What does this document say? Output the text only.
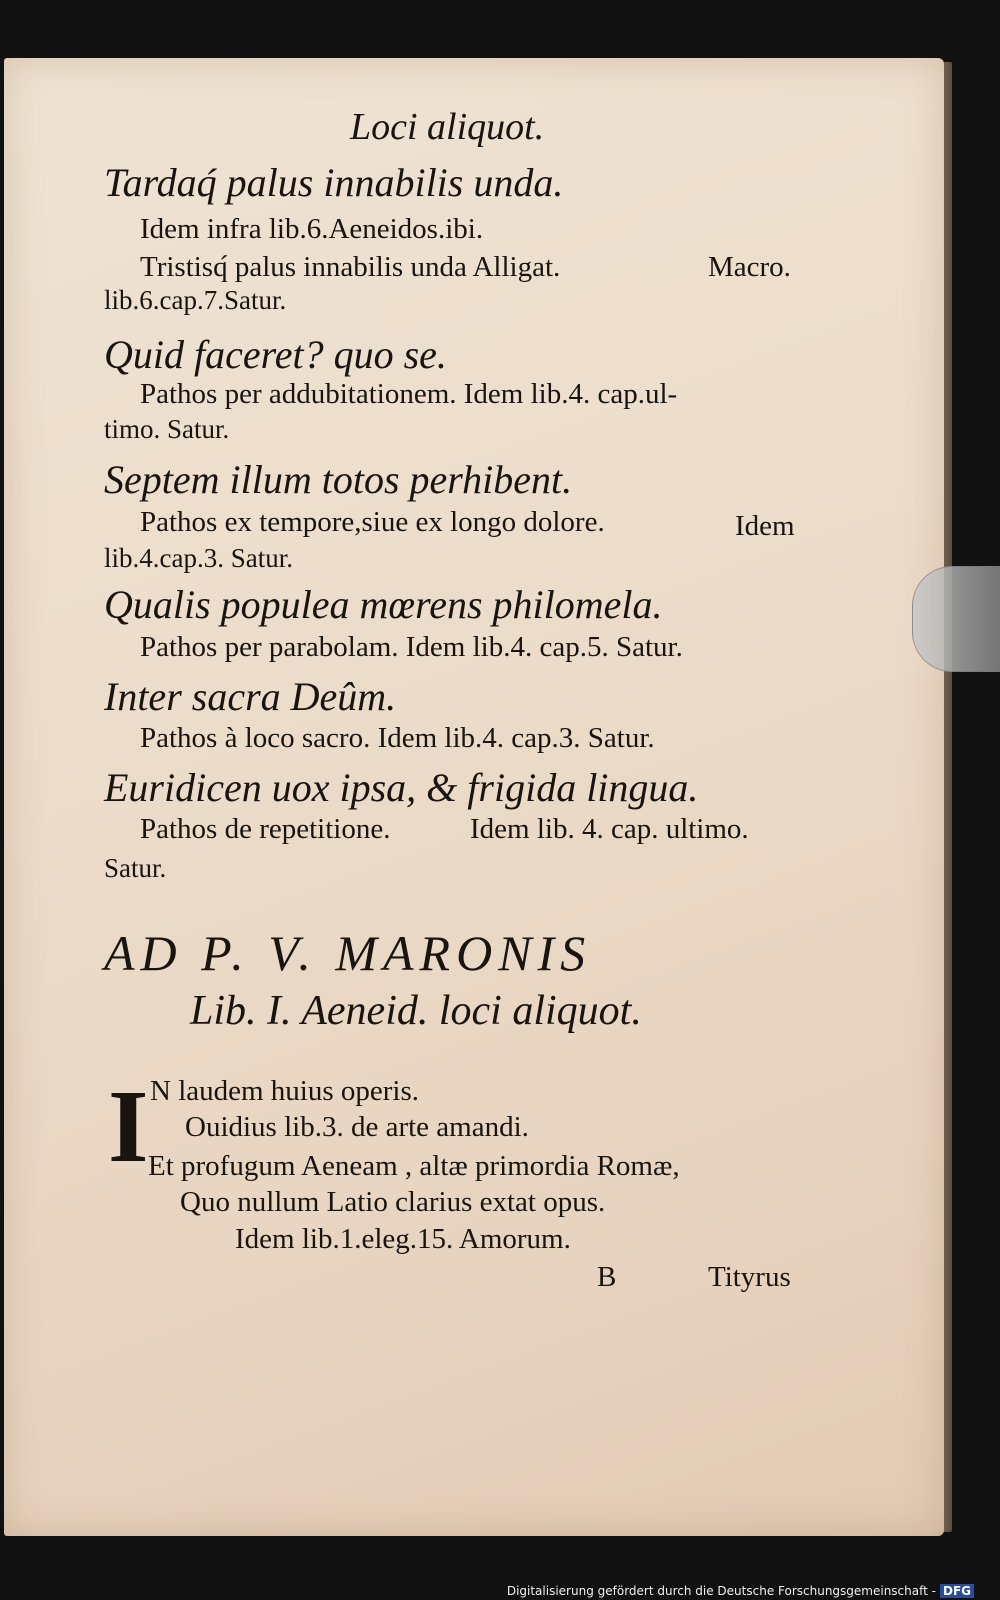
Loci aliquot.

Tardaq́ palus innabilis unda.

Idem infra lib.6.Aeneidos.ibi.

Tristisq́ palus innabilis unda Alligat.	Macro.

lib.6.cap.7.Satur.

Quid faceret? quo se.

Pathos per addubitationem. Idem lib.4. cap.ul-

timo. Satur.

Septem illum totos perhibent.

Pathos ex tempore,siue ex longo dolore.	Idem

lib.4.cap.3. Satur.

Qualis populea mœrens philomela.

Pathos per parabolam. Idem lib.4. cap.5. Satur.

Inter sacra Deûm.

Pathos à loco sacro. Idem lib.4. cap.3. Satur.

Euridicen uox ipsa, & frigida lingua.

Pathos de repetitione.	Idem lib. 4. cap. ultimo.

Satur.

AD P. V. MARONIS

Lib. I. Aeneid. loci aliquot.

I N laudem huius operis.

Ouidius lib.3. de arte amandi.

Et profugum Aeneam , altæ primordia Romæ,

Quo nullum Latio clarius extat opus.

Idem lib.1.eleg.15. Amorum.

B	Tityrus

Digitalisierung gefördert durch die Deutsche Forschungsgemeinschaft - DFG
